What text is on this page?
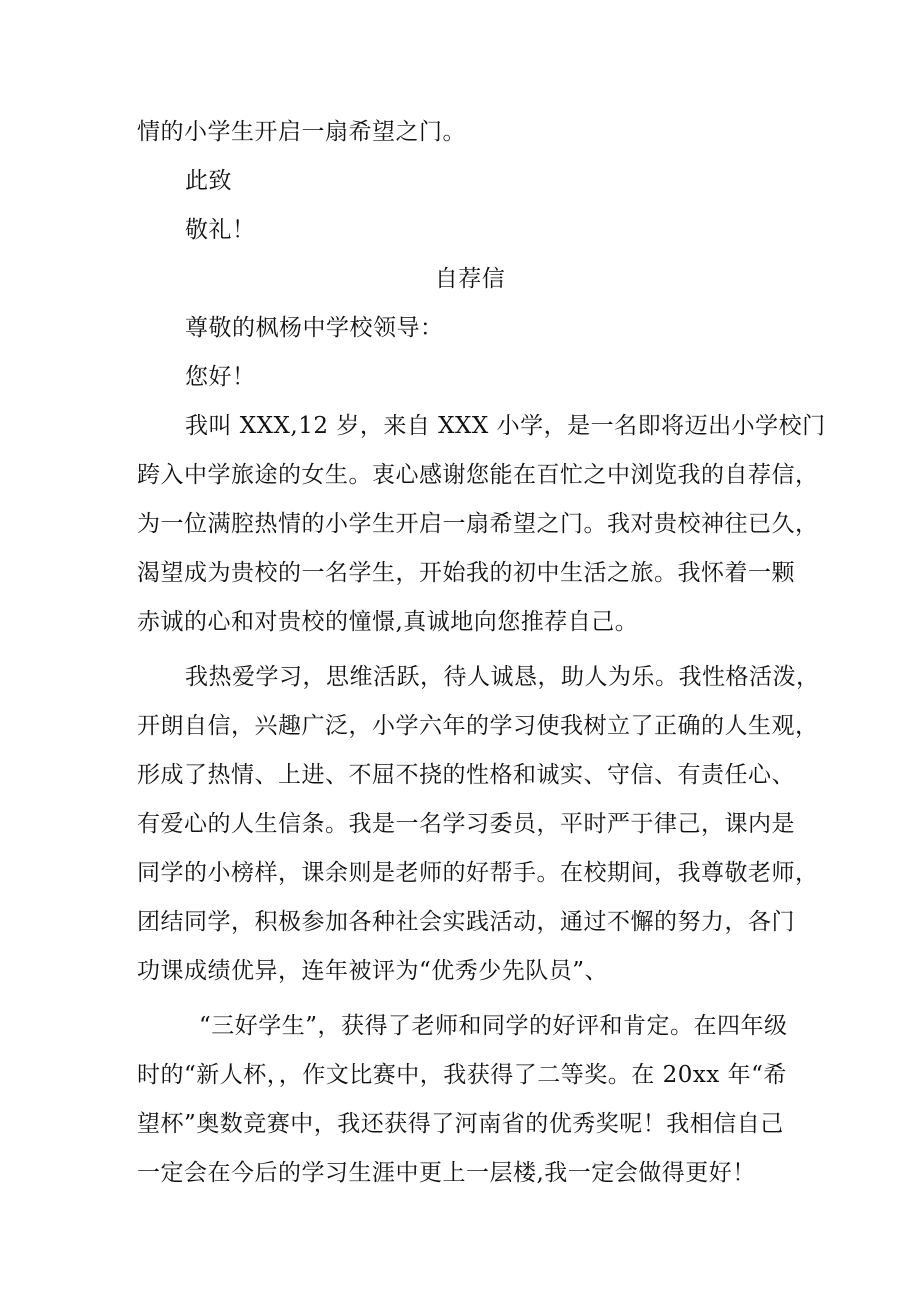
情的小学生开启一扇希望之门。
此致
敬礼！
自荐信
尊敬的枫杨中学校领导：
您好！
我叫 XXX,12 岁，来自 XXX 小学，是一名即将迈出小学校门
跨入中学旅途的女生。衷心感谢您能在百忙之中浏览我的自荐信，
为一位满腔热情的小学生开启一扇希望之门。我对贵校神往已久，
渴望成为贵校的一名学生，开始我的初中生活之旅。我怀着一颗
赤诚的心和对贵校的憧憬,真诚地向您推荐自己。
我热爱学习，思维活跃，待人诚恳，助人为乐。我性格活泼，
开朗自信，兴趣广泛，小学六年的学习使我树立了正确的人生观，
形成了热情、上进、不屈不挠的性格和诚实、守信、有责任心、
有爱心的人生信条。我是一名学习委员，平时严于律己，课内是
同学的小榜样，课余则是老师的好帮手。在校期间，我尊敬老师，
团结同学，积极参加各种社会实践活动，通过不懈的努力，各门
功课成绩优异，连年被评为“优秀少先队员”、
“三好学生”，获得了老师和同学的好评和肯定。在四年级
时的“新人杯，，作文比赛中，我获得了二等奖。在 20xx 年“希
望杯”奥数竞赛中，我还获得了河南省的优秀奖呢！我相信自己
一定会在今后的学习生涯中更上一层楼,我一定会做得更好！
